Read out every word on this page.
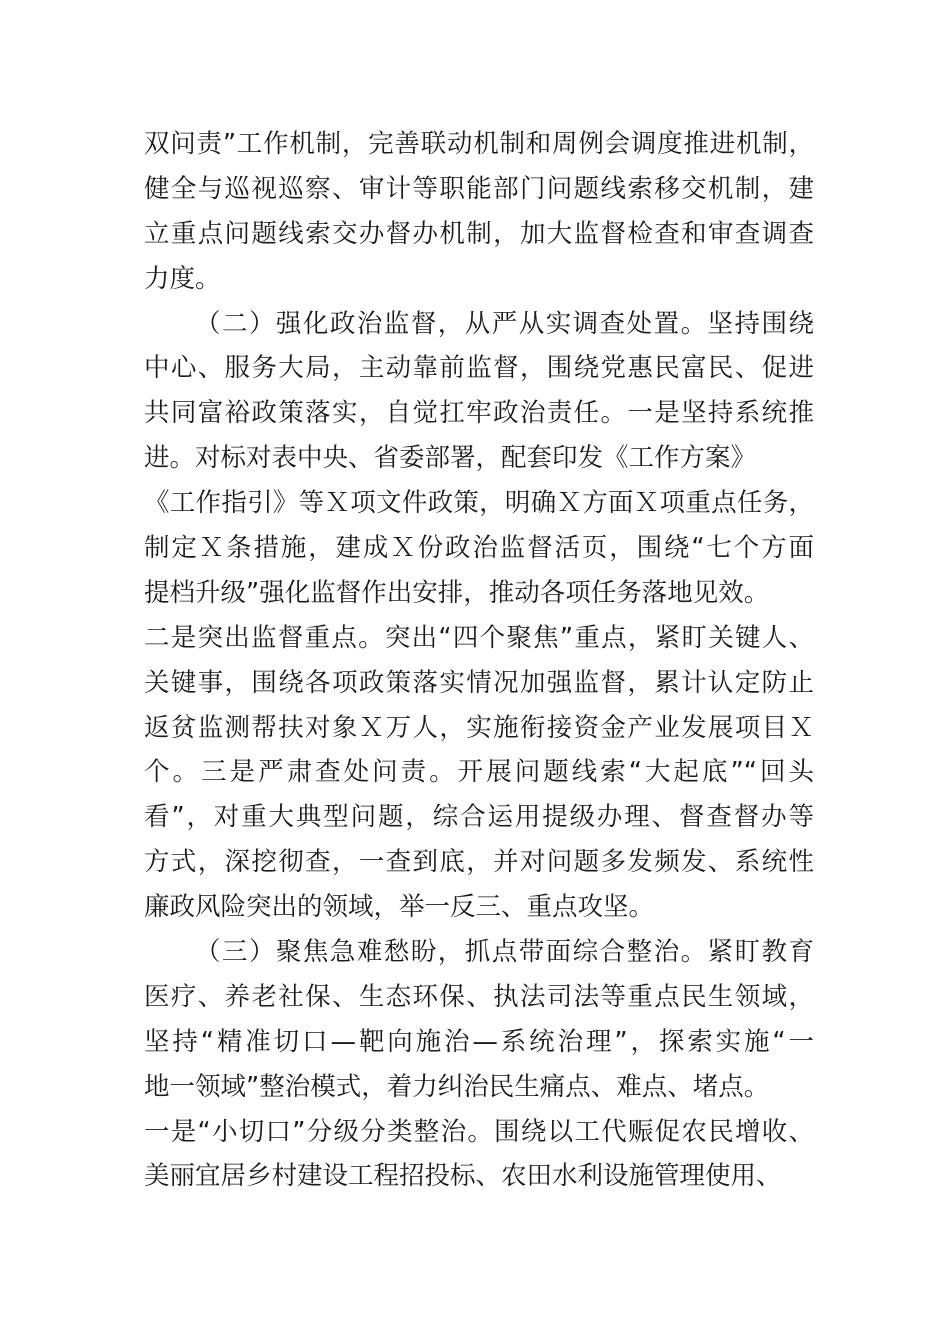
双问责”工作机制，完善联动机制和周例会调度推进机制，
健全与巡视巡察、审计等职能部门问题线索移交机制，建
立重点问题线索交办督办机制，加大监督检查和审查调查
力度。
（二）强化政治监督，从严从实调查处置。坚持围绕
中心、服务大局，主动靠前监督，围绕党惠民富民、促进
共同富裕政策落实，自觉扛牢政治责任。一是坚持系统推
进。对标对表中央、省委部署，配套印发《工作方案》
《工作指引》等Ｘ项文件政策，明确Ｘ方面Ｘ项重点任务，
制定Ｘ条措施，建成Ｘ份政治监督活页，围绕“七个方面
提档升级”强化监督作出安排，推动各项任务落地见效。
二是突出监督重点。突出“四个聚焦”重点，紧盯关键人、
关键事，围绕各项政策落实情况加强监督，累计认定防止
返贫监测帮扶对象Ｘ万人，实施衔接资金产业发展项目Ｘ
个。三是严肃查处问责。开展问题线索“大起底”“回头
看”，对重大典型问题，综合运用提级办理、督查督办等
方式，深挖彻查，一查到底，并对问题多发频发、系统性
廉政风险突出的领域，举一反三、重点攻坚。
（三）聚焦急难愁盼，抓点带面综合整治。紧盯教育
医疗、养老社保、生态环保、执法司法等重点民生领域，
坚持“精准切口—靶向施治—系统治理”，探索实施“一
地一领域”整治模式，着力纠治民生痛点、难点、堵点。
一是“小切口”分级分类整治。围绕以工代赈促农民增收、
美丽宜居乡村建设工程招投标、农田水利设施管理使用、
